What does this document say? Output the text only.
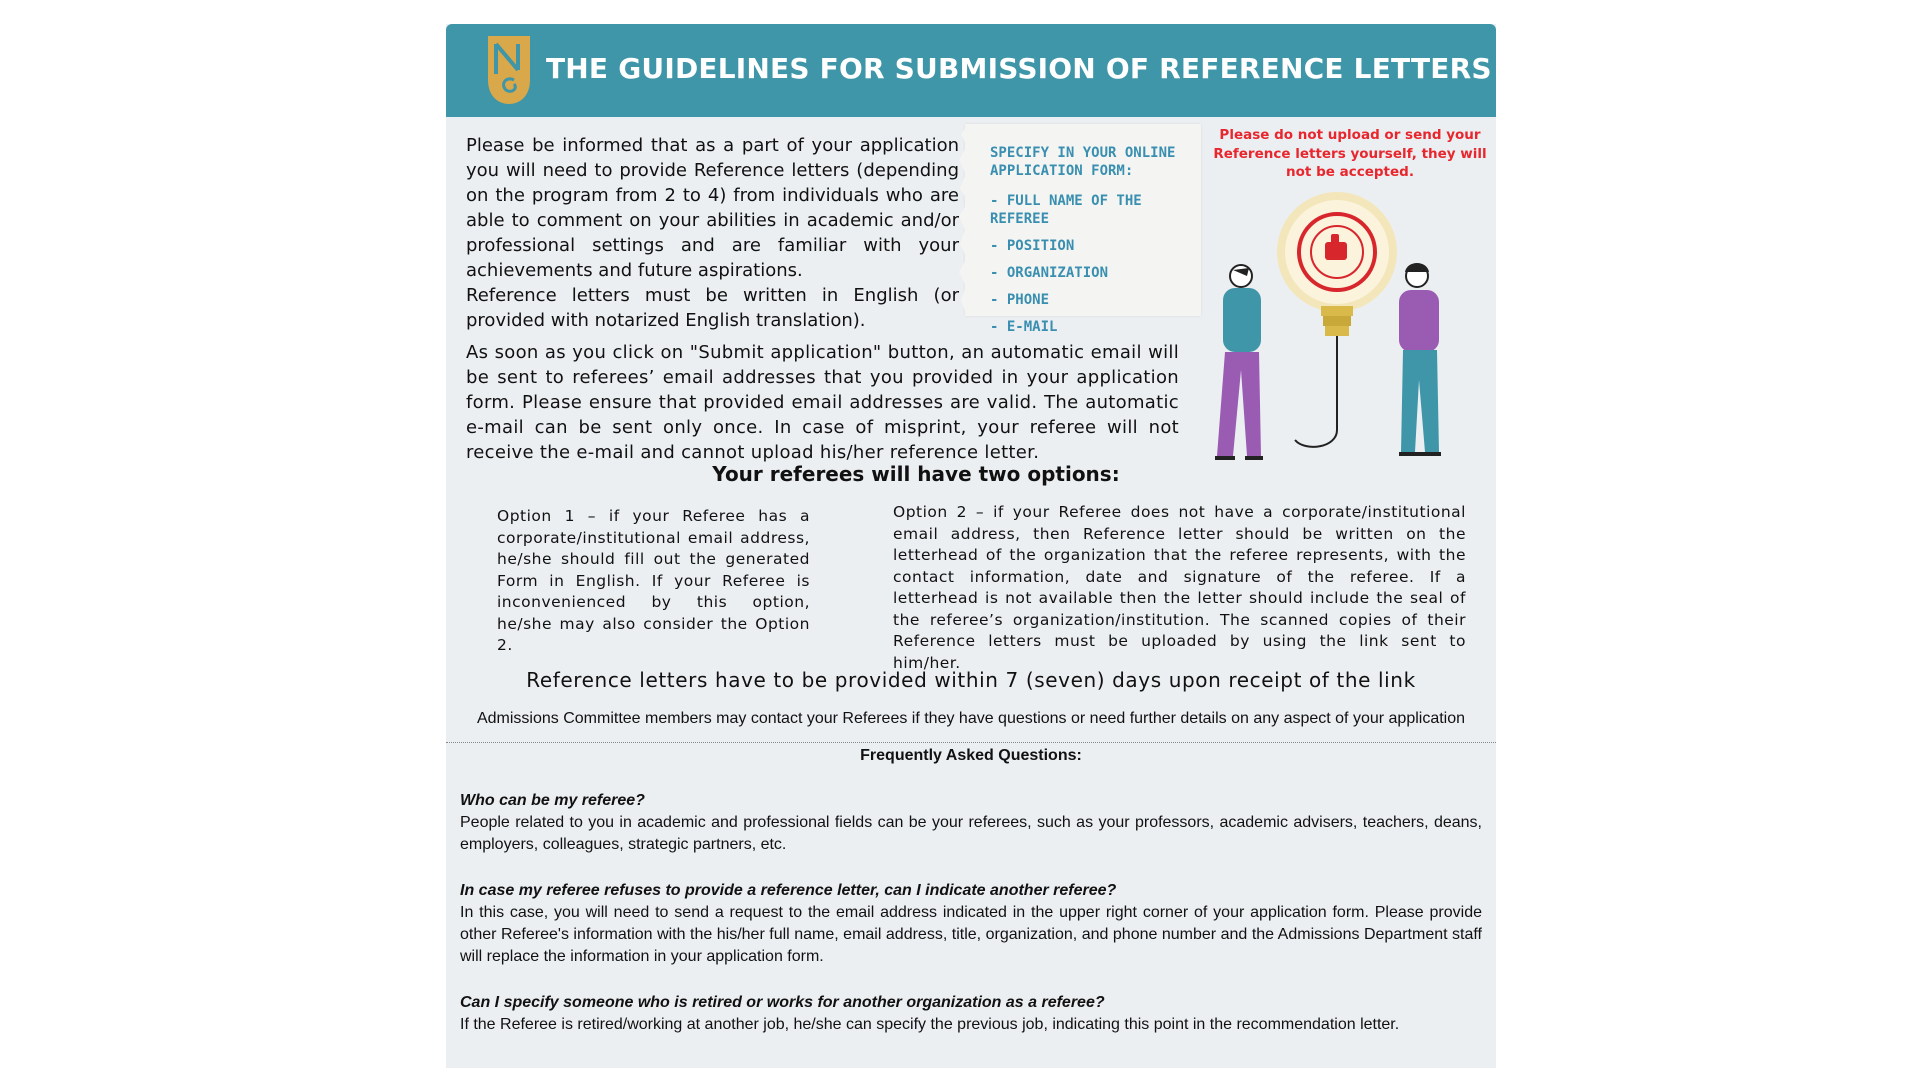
THE GUIDELINES FOR SUBMISSION OF REFERENCE LETTERS

Please be informed that as a part of your application you will need to provide Reference letters (depending on the program from 2 to 4) from individuals who are able to comment on your abilities in academic and/or professional settings and are familiar with your achievements and future aspirations.

Reference letters must be written in English (or provided with notarized English translation).

SPECIFY IN YOUR ONLINE APPLICATION FORM:
- FULL NAME OF THE REFEREE
- POSITION
- ORGANIZATION
- PHONE
- E-MAIL
Please do not upload or send your Reference letters yourself, they will not be accepted.
As soon as you click on "Submit application" button, an automatic email will be sent to referees’ email addresses that you provided in your application form. Please ensure that provided email addresses are valid. The automatic e-mail can be sent only once. In case of misprint, your referee will not receive the e-mail and cannot upload his/her reference letter.
Your referees will have two options:
Option 1 – if your Referee has a corporate/institutional email address, he/she should fill out the generated Form in English. If your Referee is inconvenienced by this option, he/she may also consider the Option 2.
Option 2 – if your Referee does not have a corporate/institutional email address, then Reference letter should be written on the letterhead of the organization that the referee represents, with the contact information, date and signature of the referee. If a letterhead is not available then the letter should include the seal of the referee’s organization/institution. The scanned copies of their Reference letters must be uploaded by using the link sent to him/her.
Reference letters have to be provided within 7 (seven) days upon receipt of the link
Admissions Committee members may contact your Referees if they have questions or need further details on any aspect of your application
Frequently Asked Questions:

Who can be my referee?

People related to you in academic and professional fields can be your referees, such as your professors, academic advisers, teachers, deans, employers, colleagues, strategic partners, etc.

In case my referee refuses to provide a reference letter, can I indicate another referee?

In this case, you will need to send a request to the email address indicated in the upper right corner of your application form. Please provide other Referee's information with the his/her full name, email address, title, organization, and phone number and the Admissions Department staff will replace the information in your application form.

Can I specify someone who is retired or works for another organization as a referee?

If the Referee is retired/working at another job, he/she can specify the previous job, indicating this point in the recommendation letter.
